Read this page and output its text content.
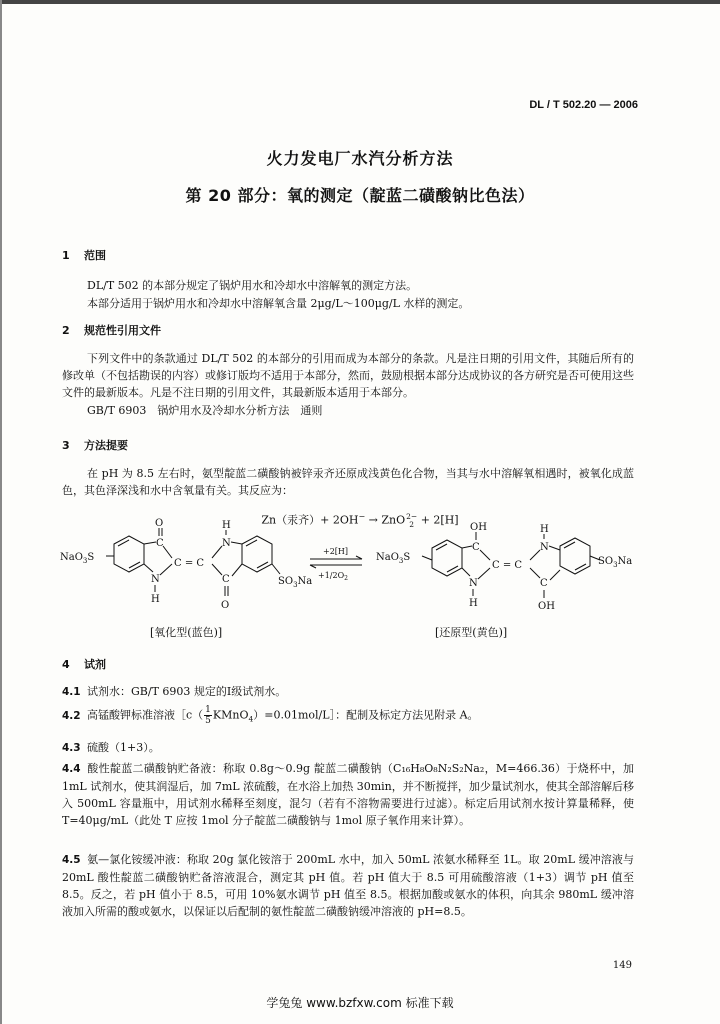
DL / T 502.20 — 2006
火力发电厂水汽分析方法
第 20 部分：氧的测定（靛蓝二磺酸钠比色法）
1 范围
DL/T 502 的本部分规定了锅炉用水和冷却水中溶解氧的测定方法。
本部分适用于锅炉用水和冷却水中溶解氧含量 2μg/L～100μg/L 水样的测定。
2 规范性引用文件
下列文件中的条款通过 DL/T 502 的本部分的引用而成为本部分的条款。凡是注日期的引用文件，其随后所有的修改单（不包括勘误的内容）或修订版均不适用于本部分，然而，鼓励根据本部分达成协议的各方研究是否可使用这些文件的最新版本。凡是不注日期的引用文件，其最新版本适用于本部分。
GB/T 6903　锅炉用水及冷却水分析方法　通则
3 方法提要
在 pH 为 8.5 左右时，氨型靛蓝二磺酸钠被锌汞齐还原成浅黄色化合物，当其与水中溶解氧相遇时，被氧化成蓝色，其色泽深浅和水中含氧量有关。其反应为：
Zn（汞齐）+ 2OH− → ZnO 2−
2 + 2[H]
NaO$_3$S
C
O
N
H
C = C
C
O
N
H
$SO_3Na$
+2[H]
$+1/2O_2$
NaO$_3$S
C
OH
N
H
C = C
C
OH
N
H
$SO_3Na$
[氧化型(蓝色)]	[还原型(黄色)]
4 试剂
4.1 试剂水：GB/T 6903 规定的Ⅰ级试剂水。
4.2 高锰酸钾标准溶液［c（ $\frac{1}{5}$ KMnO$_4$）=0.01mol/L］：配制及标定方法见附录 A。
4.3 硫酸（1+3）。
4.4 酸性靛蓝二磺酸钠贮备液：称取 0.8g～0.9g 靛蓝二磺酸钠（C₁₆H₈O₈N₂S₂Na₂，M=466.36）于烧杯中，加 1mL 试剂水，使其润湿后，加 7mL 浓硫酸，在水浴上加热 30min，并不断搅拌，加少量试剂水，使其全部溶解后移入 500mL 容量瓶中，用试剂水稀释至刻度，混匀（若有不溶物需要进行过滤）。标定后用试剂水按计算量稀释，使 T=40μg/mL（此处 T 应按 1mol 分子靛蓝二磺酸钠与 1mol 原子氧作用来计算）。
4.5 氨—氯化铵缓冲液：称取 20g 氯化铵溶于 200mL 水中，加入 50mL 浓氨水稀释至 1L。取 20mL 缓冲溶液与 20mL 酸性靛蓝二磺酸钠贮备溶液混合，测定其 pH 值。若 pH 值大于 8.5 可用硫酸溶液（1+3）调节 pH 值至 8.5。反之，若 pH 值小于 8.5，可用 10%氨水调节 pH 值至 8.5。根据加酸或氨水的体积，向其余 980mL 缓冲溶液加入所需的酸或氨水，以保证以后配制的氨性靛蓝二磺酸钠缓冲溶液的 pH=8.5。
149
学兔兔 www.bzfxw.com 标准下载
